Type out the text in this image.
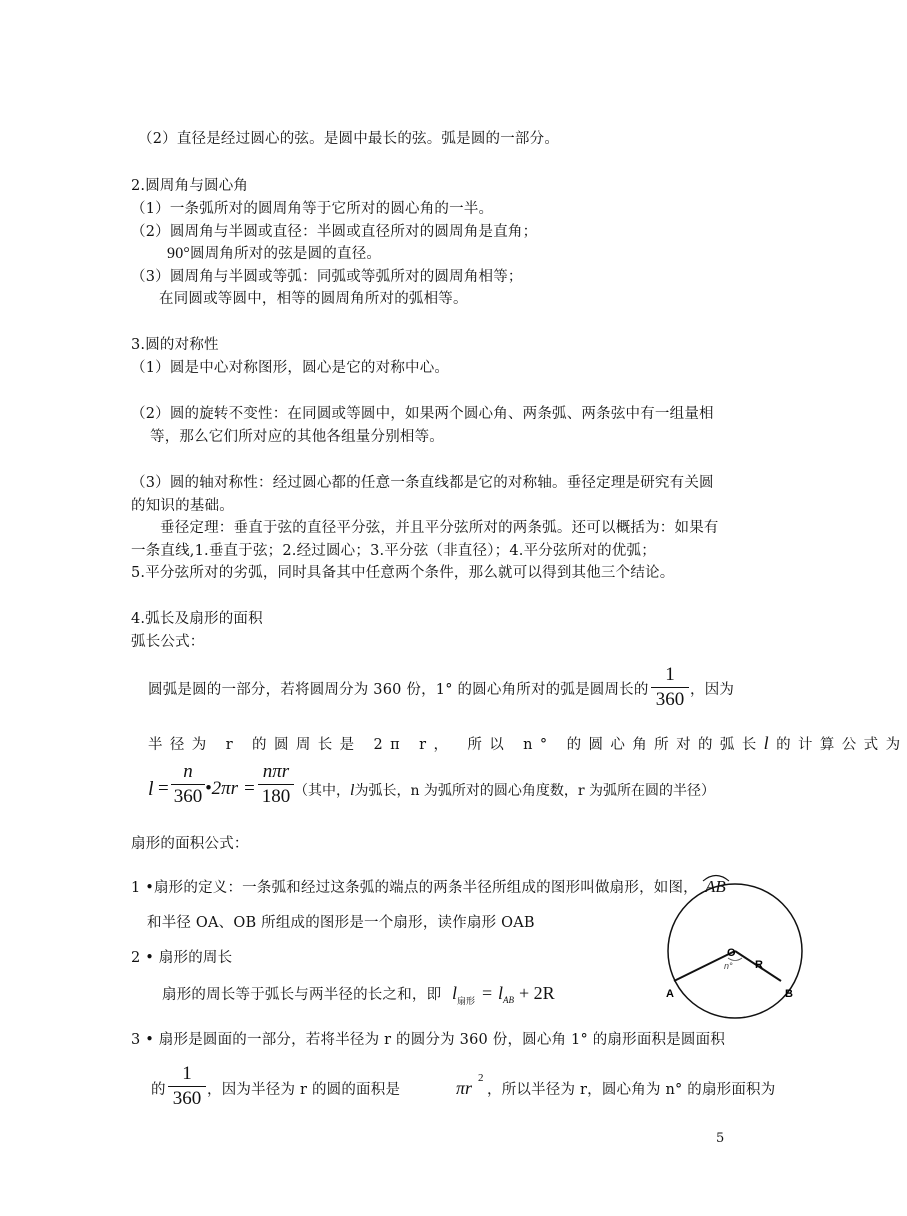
（2）直径是经过圆心的弦。是圆中最长的弦。弧是圆的一部分。
2.圆周角与圆心角
（1）一条弧所对的圆周角等于它所对的圆心角的一半。
（2）圆周角与半圆或直径：半圆或直径所对的圆周角是直角；
90°圆周角所对的弦是圆的直径。
（3）圆周角与半圆或等弧：同弧或等弧所对的圆周角相等；
在同圆或等圆中，相等的圆周角所对的弧相等。
3.圆的对称性
（1）圆是中心对称图形，圆心是它的对称中心。
（2）圆的旋转不变性：在同圆或等圆中，如果两个圆心角、两条弧、两条弦中有一组量相
等，那么它们所对应的其他各组量分别相等。
（3）圆的轴对称性：经过圆心都的任意一条直线都是它的对称轴。垂径定理是研究有关圆
的知识的基础。
垂径定理：垂直于弦的直径平分弦，并且平分弦所对的两条弧。还可以概括为：如果有
一条直线,1.垂直于弦；2.经过圆心；3.平分弦（非直径）；4.平分弦所对的优弧；
5.平分弦所对的劣弧，同时具备其中任意两个条件，那么就可以得到其他三个结论。
4.弧长及扇形的面积
弧长公式：
圆弧是圆的一部分，若将圆周分为 360 份，1° 的圆心角所对的弧是圆周长的
1
360 ，因为
半径为 r 的圆周长是 2π r， 所以 n° 的圆心角所对的弧长l的计算公式为
l =
n
360 •2πr =
nπr
180 （其中，l为弧长，n 为弧所对的圆心角度数，r 为弧所在圆的半径）
扇形的面积公式：
1 •扇形的定义：一条弧和经过这条弧的端点的两条半径所组成的图形叫做扇形，如图， AB
和半径 OA、OB 所组成的图形是一个扇形，读作扇形 OAB
2 • 扇形的周长
扇形的周长等于弧长与两半径的长之和，即 l 扇形 = l AB + 2R
O
n° R
A	B
3 • 扇形是圆面的一部分，若将半径为 r 的圆分为 360 份，圆心角 1° 的扇形面积是圆面积
的
1
360 ，因为半径为 r 的圆的面积是	πr 2
，所以半径为 r，圆心角为 n° 的扇形面积为
5
